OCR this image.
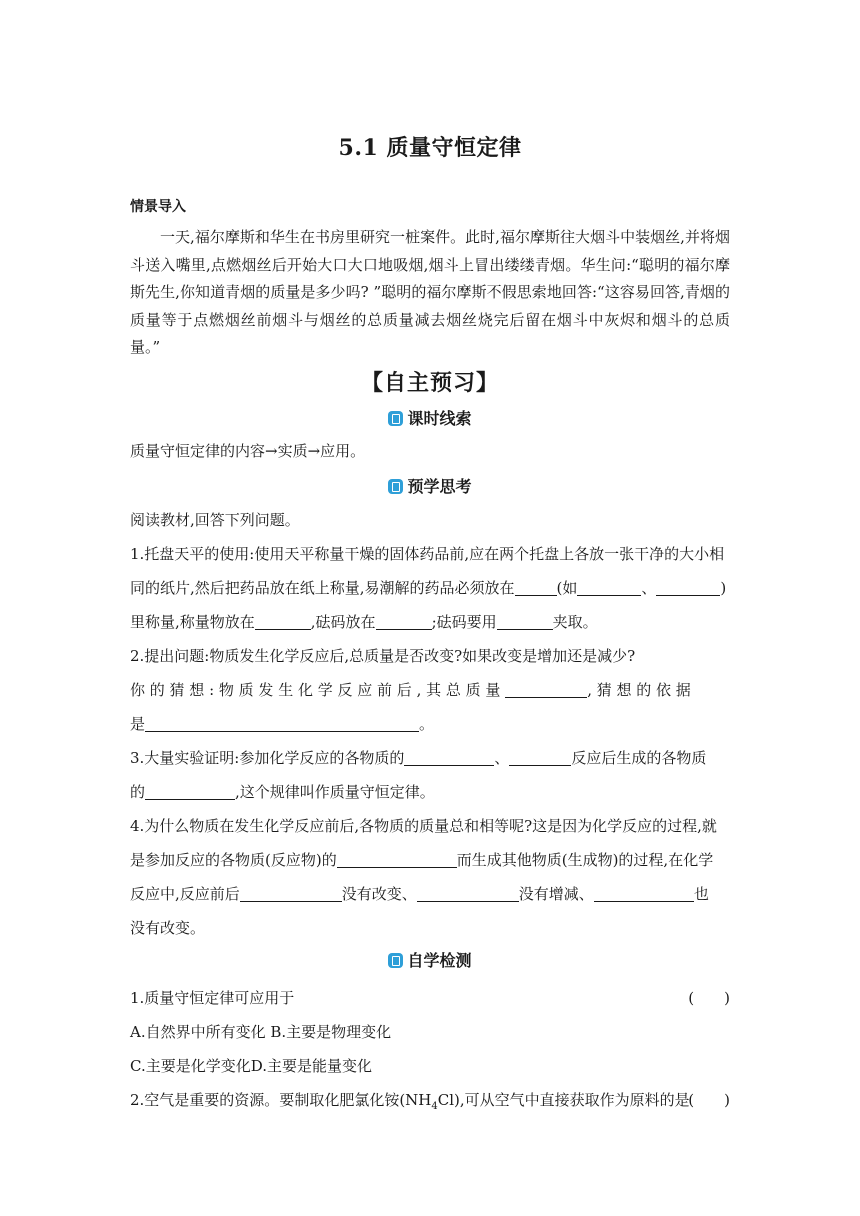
5.1 质量守恒定律
情景导入
一天,福尔摩斯和华生在书房里研究一桩案件。此时,福尔摩斯往大烟斗中装烟丝,并将烟斗送入嘴里,点燃烟丝后开始大口大口地吸烟,烟斗上冒出缕缕青烟。华生问:“聪明的福尔摩斯先生,你知道青烟的质量是多少吗? ”聪明的福尔摩斯不假思索地回答:“这容易回答,青烟的质量等于点燃烟丝前烟斗与烟丝的总质量减去烟丝烧完后留在烟斗中灰烬和烟斗的总质量。”
【自主预习】
课时线索
质量守恒定律的内容→实质→应用。
预学思考
阅读教材,回答下列问题。
1.托盘天平的使用:使用天平称量干燥的固体药品前,应在两个托盘上各放一张干净的大小相
同的纸片,然后把药品放在纸上称量,易潮解的药品必须放在	(如	、	)
里称量,称量物放在	,砝码放在	;砝码要用	夹取。
2.提出问题:物质发生化学反应后,总质量是否改变?如果改变是增加还是减少?
你 的 猜 想 : 物 质 发 生 化 学 反 应 前 后 , 其 总 质 量	, 猜 想 的 依 据
是	。
3.大量实验证明:参加化学反应的各物质的	、	反应后生成的各物质
的	,这个规律叫作质量守恒定律。
4.为什么物质在发生化学反应前后,各物质的质量总和相等呢?这是因为化学反应的过程,就
是参加反应的各物质(反应物)的	而生成其他物质(生成物)的过程,在化学
反应中,反应前后	没有改变、	没有增减、	也
没有改变。
自学检测
1.质量守恒定律可应用于	(　　)
A.自然界中所有变化 B.主要是物理变化
C.主要是化学变化D.主要是能量变化
2.空气是重要的资源。要制取化肥氯化铵$(NH_4Cl)$,可从空气中直接获取作为原料的是
(　　)
